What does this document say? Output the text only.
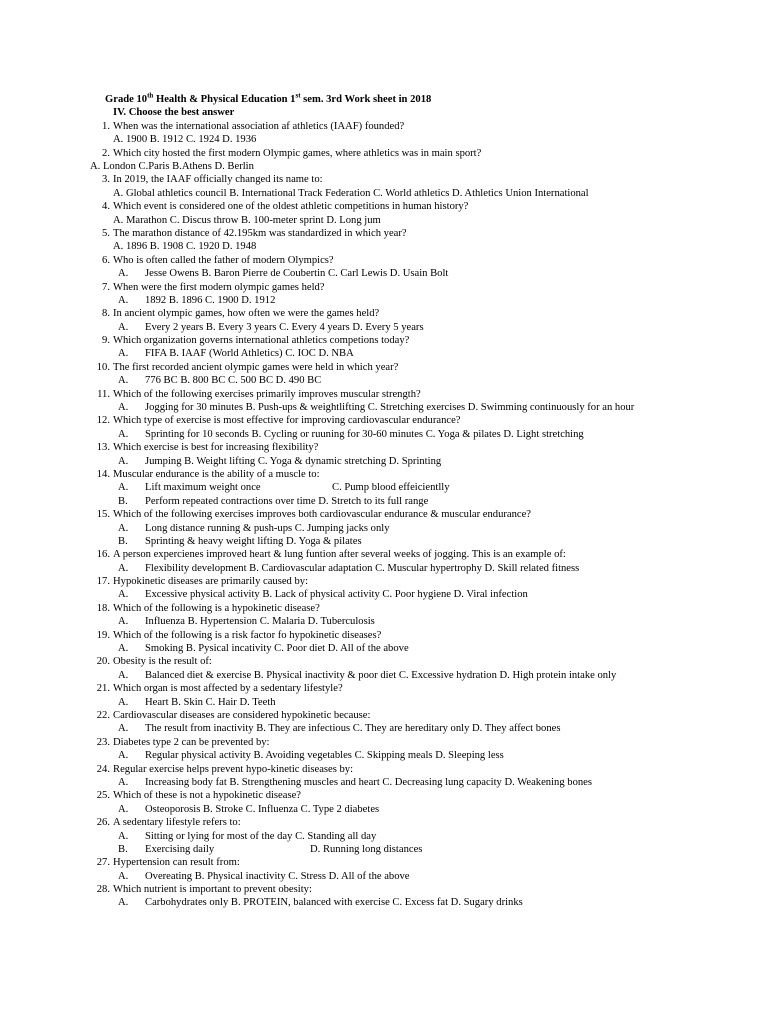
Grade 10th Health & Physical Education 1st sem. 3rd Work sheet in 2018
IV. Choose the best answer
1. When was the international association af athletics (IAAF) founded?
A. 1900 B. 1912 C. 1924 D. 1936
2. Which city hosted the first modern Olympic games, where athletics was in main sport?
A. London C.Paris B.Athens D. Berlin
3. In 2019, the IAAF officially changed its name to:
A. Global athletics council B. International Track Federation C. World athletics D. Athletics Union International
4. Which event is considered one of the oldest athletic competitions in human history?
A. Marathon C. Discus throw B. 100-meter sprint D. Long jum
5. The marathon distance of 42.195km was standardized in which year?
A. 1896 B. 1908 C. 1920 D. 1948
6. Who is often called the father of modern Olympics?
A. Jesse Owens B. Baron Pierre de Coubertin C. Carl Lewis D. Usain Bolt
7. When were the first modern olympic games held?
A. 1892 B. 1896 C. 1900 D. 1912
8. In ancient olympic games, how often we were the games held?
A. Every 2 years B. Every 3 years C. Every 4 years D. Every 5 years
9. Which organization governs international athletics competions today?
A. FIFA B. IAAF (World Athletics) C. IOC D. NBA
10. The first recorded ancient olympic games were held in which year?
A. 776 BC B. 800 BC C. 500 BC D. 490 BC
11. Which of the following exercises primarily improves muscular strength?
A. Jogging for 30 minutes B. Push-ups & weightlifting C. Stretching exercises D. Swimming continuously for an hour
12. Which type of exercise is most effective for improving cardiovascular endurance?
A. Sprinting for 10 seconds B. Cycling or ruuning for 30-60 minutes C. Yoga & pilates D. Light stretching
13. Which exercise is best for increasing flexibility?
A. Jumping B. Weight lifting C. Yoga & dynamic stretching D. Sprinting
14. Muscular endurance is the ability of a muscle to:
A. Lift maximum weight once	C. Pump blood effeicientlly
B. Perform repeated contractions over time D. Stretch to its full range
15. Which of the following exercises improves both cardiovascular endurance & muscular endurance?
A. Long distance running & push-ups C. Jumping jacks only
B. Sprinting & heavy weight lifting D. Yoga & pilates
16. A person expercienes improved heart & lung funtion after several weeks of jogging. This is an example of:
A. Flexibility development B. Cardiovascular adaptation C. Muscular hypertrophy D. Skill related fitness
17. Hypokinetic diseases are primarily caused by:
A. Excessive physical activity B. Lack of physical activity C. Poor hygiene D. Viral infection
18. Which of the following is a hypokinetic disease?
A. Influenza B. Hypertension C. Malaria D. Tuberculosis
19. Which of the following is a risk factor fo hypokinetic diseases?
A. Smoking B. Pysical incativity C. Poor diet D. All of the above
20. Obesity is the result of:
A. Balanced diet & exercise B. Physical inactivity & poor diet C. Excessive hydration D. High protein intake only
21. Which organ is most affected by a sedentary lifestyle?
A. Heart B. Skin C. Hair D. Teeth
22. Cardiovascular diseases are considered hypokinetic because:
A. The result from inactivity B. They are infectious C. They are hereditary only D. They affect bones
23. Diabetes type 2 can be prevented by:
A. Regular physical activity B. Avoiding vegetables C. Skipping meals D. Sleeping less
24. Regular exercise helps prevent hypo-kinetic diseases by:
A. Increasing body fat B. Strengthening muscles and heart C. Decreasing lung capacity D. Weakening bones
25. Which of these is not a hypokinetic disease?
A. Osteoporosis B. Stroke C. Influenza C. Type 2 diabetes
26. A sedentary lifestyle refers to:
A. Sitting or lying for most of the day C. Standing all day
B. Exercising daily	D. Running long distances
27. Hypertension can result from:
A. Overeating B. Physical inactivity C. Stress D. All of the above
28. Which nutrient is important to prevent obesity:
A. Carbohydrates only B. PROTEIN, balanced with exercise C. Excess fat D. Sugary drinks
